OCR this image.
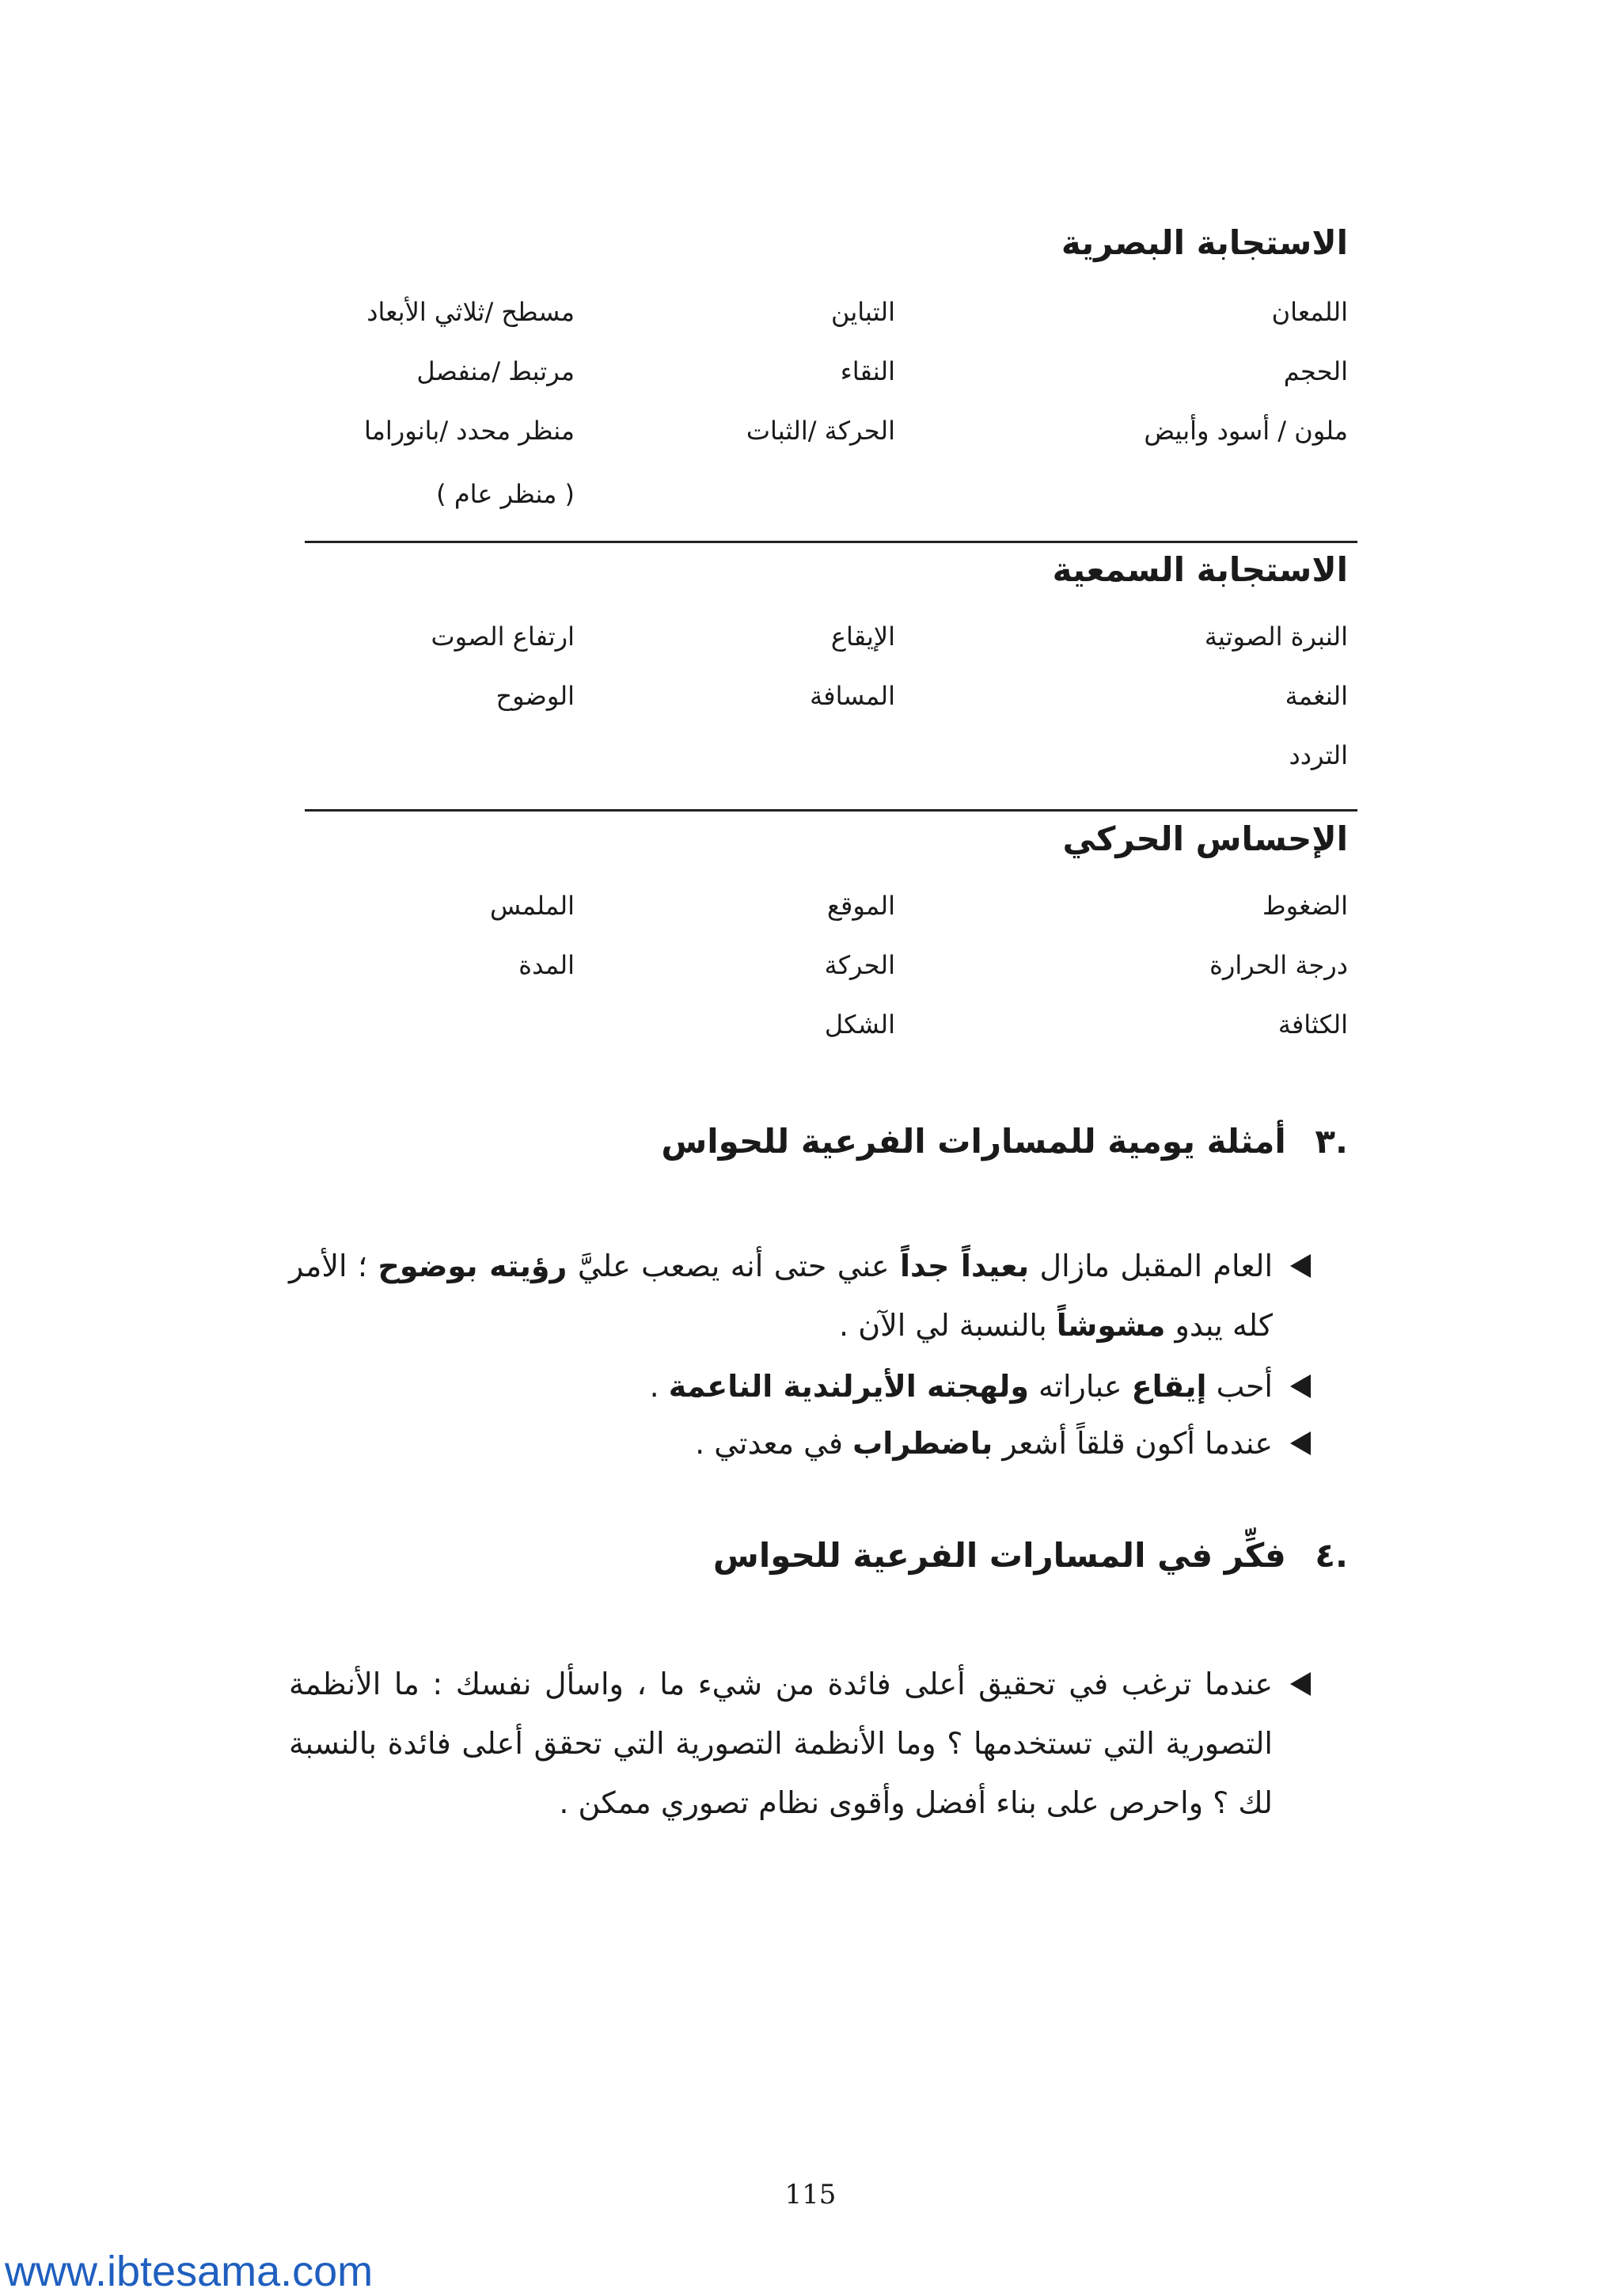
الاستجابة البصرية
اللمعان
التباين
مسطح /ثلاثي الأبعاد
الحجم
النقاء
مرتبط /منفصل
ملون / أسود وأبيض
الحركة /الثبات
منظر محدد /بانوراما
( منظر عام )
الاستجابة السمعية
النبرة الصوتية
الإيقاع
ارتفاع الصوت
النغمة
المسافة
الوضوح
التردد
الإحساس الحركي
الضغوط
الموقع
الملمس
درجة الحرارة
الحركة
المدة
الكثافة
الشكل
.٣ أمثلة يومية للمسارات الفرعية للحواس
العام المقبل مازال بعيداً جداً عني حتى أنه يصعب عليَّ رؤيته بوضوح ؛ الأمر كله يبدو مشوشاً بالنسبة لي الآن .
أحب إيقاع عباراته ولهجته الأيرلندية الناعمة .
عندما أكون قلقاً أشعر باضطراب في معدتي .
.٤ فكِّر في المسارات الفرعية للحواس
عندما ترغب في تحقيق أعلى فائدة من شيء ما ، واسأل نفسك : ما الأنظمة التصورية التي تستخدمها ؟ وما الأنظمة التصورية التي تحقق أعلى فائدة بالنسبة لك ؟ واحرص على بناء أفضل وأقوى نظام تصوري ممكن .
115
www.ibtesama.com
